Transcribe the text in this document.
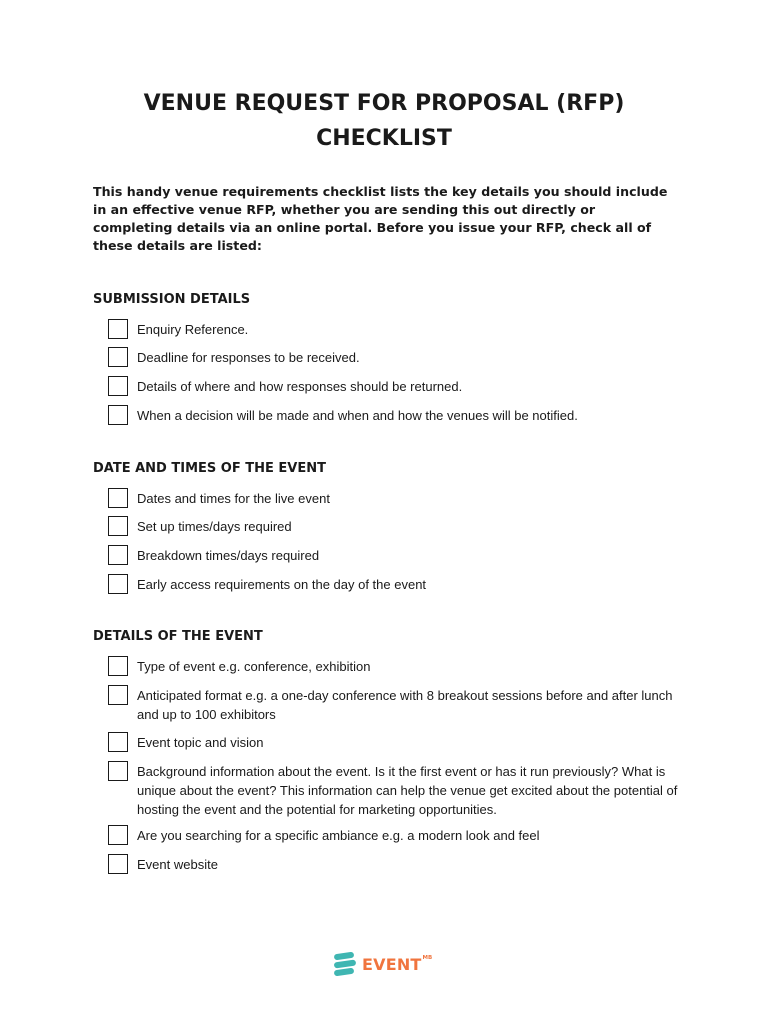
VENUE REQUEST FOR PROPOSAL (RFP)
CHECKLIST

This handy venue requirements checklist lists the key details you should include in an effective venue RFP, whether you are sending this out directly or completing details via an online portal. Before you issue your RFP, check all of these details are listed:

SUBMISSION DETAILS
Enquiry Reference.
Deadline for responses to be received.
Details of where and how responses should be returned.
When a decision will be made and when and how the venues will be notified.
DATE AND TIMES OF THE EVENT
Dates and times for the live event
Set up times/days required
Breakdown times/days required
Early access requirements on the day of the event
DETAILS OF THE EVENT
Type of event e.g. conference, exhibition
Anticipated format e.g. a one-day conference with 8 breakout sessions before and after lunch and up to 100 exhibitors
Event topic and vision
Background information about the event. Is it the first event or has it run previously? What is unique about the event? This information can help the venue get excited about the potential of hosting the event and the potential for marketing opportunities.
Are you searching for a specific ambiance e.g. a modern look and feel
Event website
EVENT MB
